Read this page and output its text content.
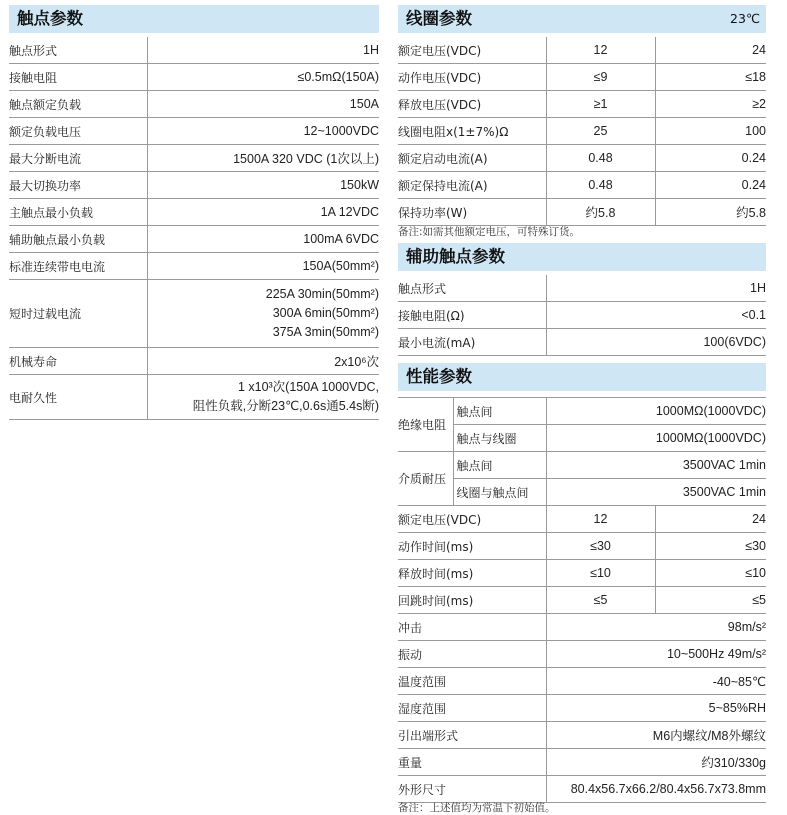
触点参数
触点形式	1H
接触电阻	≤0.5mΩ(150A)
触点额定负载	150A
额定负载电压	12~1000VDC
最大分断电流	1500A 320 VDC (1次以上)
最大切换功率	150kW
主触点最小负载	1A 12VDC
辅助触点最小负载	100mA 6VDC
标准连续带电电流	150A(50mm²)
短时过载电流	225A 30min(50mm²)
300A 6min(50mm²)
375A 3min(50mm²)

机械寿命	2x10⁶次
电耐久性	1 x10³次(150A 1000VDC,
阻性负载,分断23℃,0.6s通5.4s断)
线圈参数	23℃
额定电压(VDC)	12	24
动作电压(VDC)	≤9	≤18
释放电压(VDC)	≥1	≥2
线圈电阻x(1±7%)Ω	25	100
额定启动电流(A)	0.48	0.24
额定保持电流(A)	0.48	0.24
保持功率(W)	约5.8	约5.8
备注:如需其他额定电压，可特殊订货。
辅助触点参数
触点形式	1H
接触电阻(Ω)	<0.1
最小电流(mA)	100(6VDC)
性能参数
绝缘电阻	触点间	1000MΩ(1000VDC)	
	触点与线圈	1000MΩ(1000VDC)	
介质耐压	触点间	3500VAC 1min	
	线圈与触点间	3500VAC 1min	
额定电压(VDC)		12	24
动作时间(ms)		≤30	≤30
释放时间(ms)		≤10	≤10
回跳时间(ms)		≤5	≤5
冲击		98m/s²	
振动		10~500Hz 49m/s²	
温度范围		-40~85℃	
湿度范围		5~85%RH	
引出端形式		M6内螺纹/M8外螺纹	
重量		约310/330g	
外形尺寸		80.4x56.7x66.2/80.4x56.7x73.8mm	
备注：上述值均为常温下初始值。
